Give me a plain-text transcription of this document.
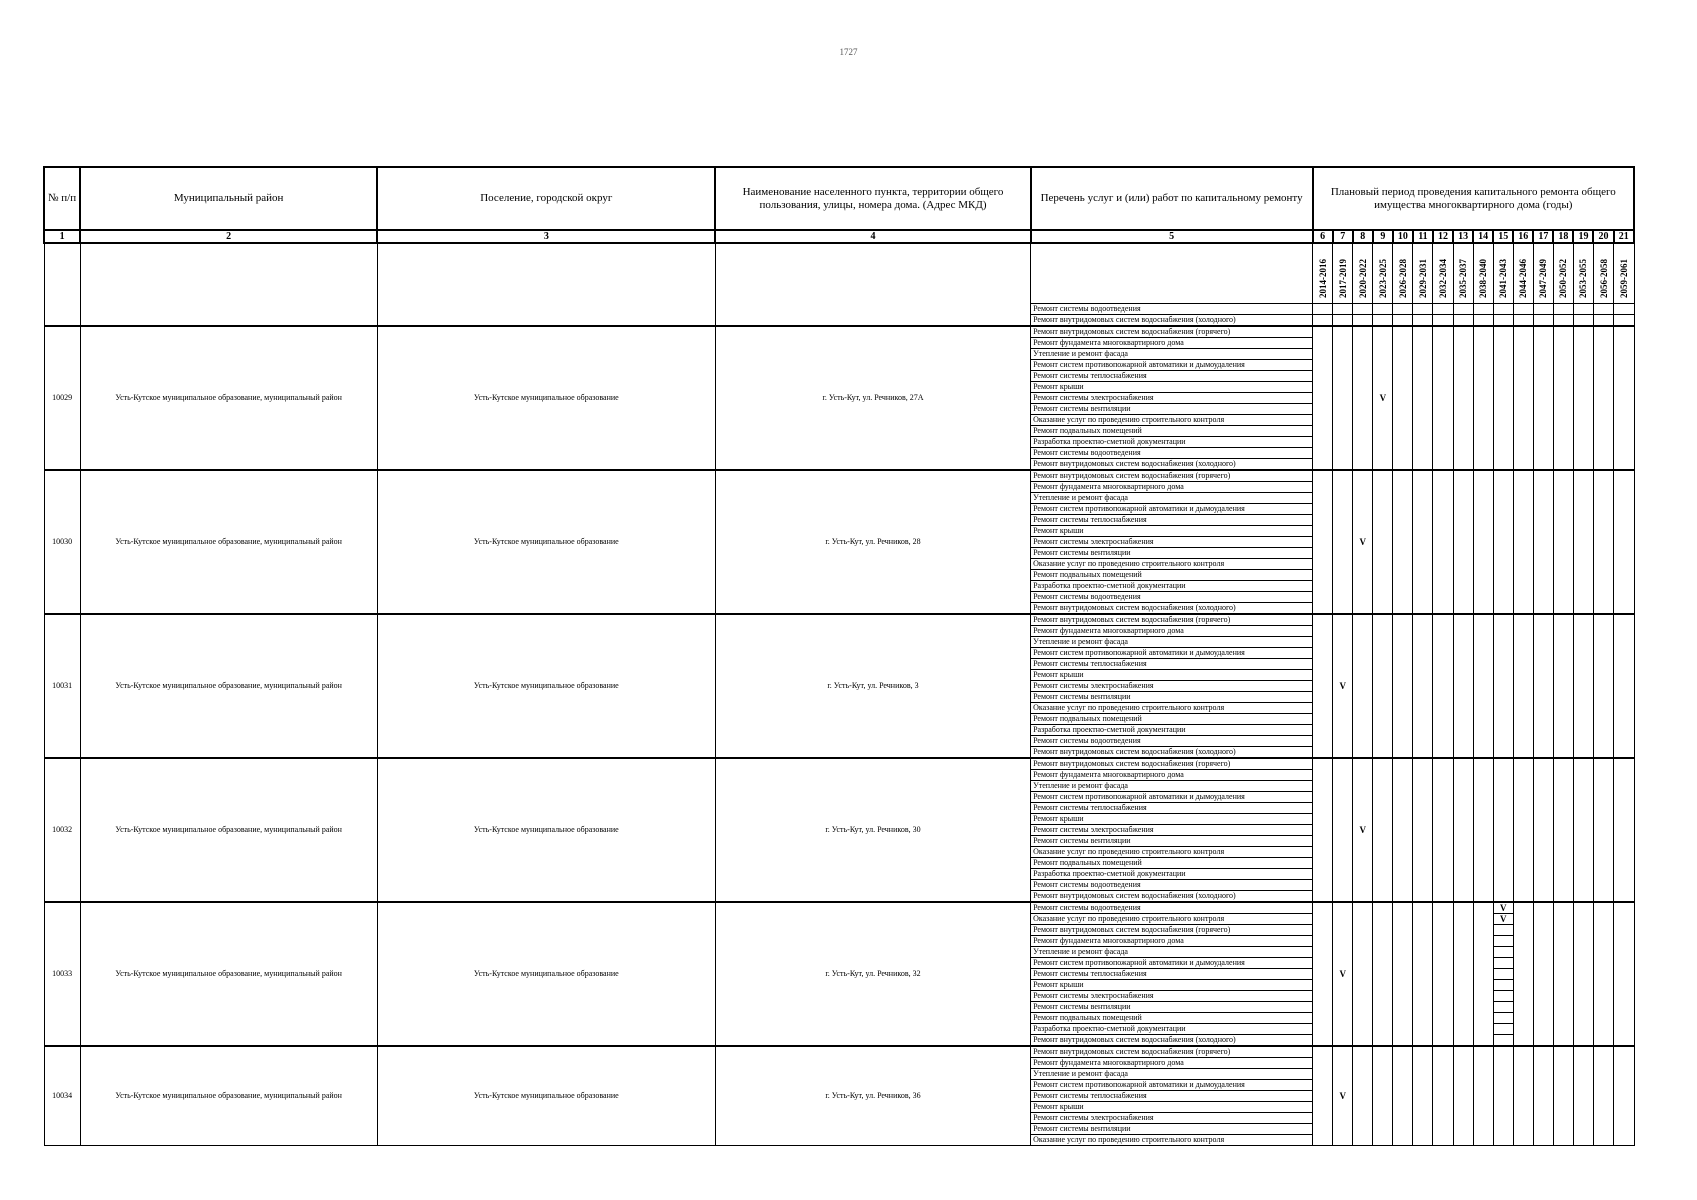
1727
№ п/п	Муниципальный район	Поселение, городской округ	Наименование населенного пункта, территории общего пользования, улицы, номера дома. (Адрес МКД)	Перечень услуг и (или) работ по капитальному ремонту	Плановый период проведения капитального ремонта общего имущества многоквартирного дома (годы)															
1	2	3	4	5	6	7	8	9	10	11	12	13	14	15	16	17	18	19	20	21
					2014-2016	2017-2019	2020-2022	2023-2025	2026-2028	2029-2031	2032-2034	2035-2037	2038-2040	2041-2043	2044-2046	2047-2049	2050-2052	2053-2055	2056-2058	2059-2061
				Ремонт системы водоотведения																
				Ремонт внутридомовых систем водоснабжения (холодного)																
10029	Усть-Кутское муниципальное образование, муниципальный район	Усть-Кутское муниципальное образование	г. Усть-Кут, ул. Речников, 27А	Ремонт внутридомовых систем водоснабжения (горячего)				V												
				Ремонт фундамента многоквартирного дома																
				Утепление и ремонт фасада																
				Ремонт систем противопожарной автоматики и дымоудаления																
				Ремонт системы теплоснабжения																
				Ремонт крыши																
				Ремонт системы электроснабжения																
				Ремонт системы вентиляции																
				Оказание услуг по проведению строительного контроля																
				Ремонт подвальных помещений																
				Разработка проектно-сметной документации																
				Ремонт системы водоотведения																
				Ремонт внутридомовых систем водоснабжения (холодного)																
10030	Усть-Кутское муниципальное образование, муниципальный район	Усть-Кутское муниципальное образование	г. Усть-Кут, ул. Речников, 28	Ремонт внутридомовых систем водоснабжения (горячего)			V													
				Ремонт фундамента многоквартирного дома																
				Утепление и ремонт фасада																
				Ремонт систем противопожарной автоматики и дымоудаления																
				Ремонт системы теплоснабжения																
				Ремонт крыши																
				Ремонт системы электроснабжения																
				Ремонт системы вентиляции																
				Оказание услуг по проведению строительного контроля																
				Ремонт подвальных помещений																
				Разработка проектно-сметной документации																
				Ремонт системы водоотведения																
				Ремонт внутридомовых систем водоснабжения (холодного)																
10031	Усть-Кутское муниципальное образование, муниципальный район	Усть-Кутское муниципальное образование	г. Усть-Кут, ул. Речников, 3	Ремонт внутридомовых систем водоснабжения (горячего)		V														
				Ремонт фундамента многоквартирного дома																
				Утепление и ремонт фасада																
				Ремонт систем противопожарной автоматики и дымоудаления																
				Ремонт системы теплоснабжения																
				Ремонт крыши																
				Ремонт системы электроснабжения																
				Ремонт системы вентиляции																
				Оказание услуг по проведению строительного контроля																
				Ремонт подвальных помещений																
				Разработка проектно-сметной документации																
				Ремонт системы водоотведения																
				Ремонт внутридомовых систем водоснабжения (холодного)																
10032	Усть-Кутское муниципальное образование, муниципальный район	Усть-Кутское муниципальное образование	г. Усть-Кут, ул. Речников, 30	Ремонт внутридомовых систем водоснабжения (горячего)			V													
				Ремонт фундамента многоквартирного дома																
				Утепление и ремонт фасада																
				Ремонт систем противопожарной автоматики и дымоудаления																
				Ремонт системы теплоснабжения																
				Ремонт крыши																
				Ремонт системы электроснабжения																
				Ремонт системы вентиляции																
				Оказание услуг по проведению строительного контроля																
				Ремонт подвальных помещений																
				Разработка проектно-сметной документации																
				Ремонт системы водоотведения																
				Ремонт внутридомовых систем водоснабжения (холодного)																
10033	Усть-Кутское муниципальное образование, муниципальный район	Усть-Кутское муниципальное образование	г. Усть-Кут, ул. Речников, 32	Ремонт системы водоотведения		V								V						
				Оказание услуг по проведению строительного контроля										V						
				Ремонт внутридомовых систем водоснабжения (горячего)																
				Ремонт фундамента многоквартирного дома																
				Утепление и ремонт фасада																
				Ремонт систем противопожарной автоматики и дымоудаления																
				Ремонт системы теплоснабжения																
				Ремонт крыши																
				Ремонт системы электроснабжения																
				Ремонт системы вентиляции																
				Ремонт подвальных помещений																
				Разработка проектно-сметной документации																
				Ремонт внутридомовых систем водоснабжения (холодного)																
10034	Усть-Кутское муниципальное образование, муниципальный район	Усть-Кутское муниципальное образование	г. Усть-Кут, ул. Речников, 36	Ремонт внутридомовых систем водоснабжения (горячего)		V														
				Ремонт фундамента многоквартирного дома																
				Утепление и ремонт фасада																
				Ремонт систем противопожарной автоматики и дымоудаления																
				Ремонт системы теплоснабжения																
				Ремонт крыши																
				Ремонт системы электроснабжения																
				Ремонт системы вентиляции																
				Оказание услуг по проведению строительного контроля																
